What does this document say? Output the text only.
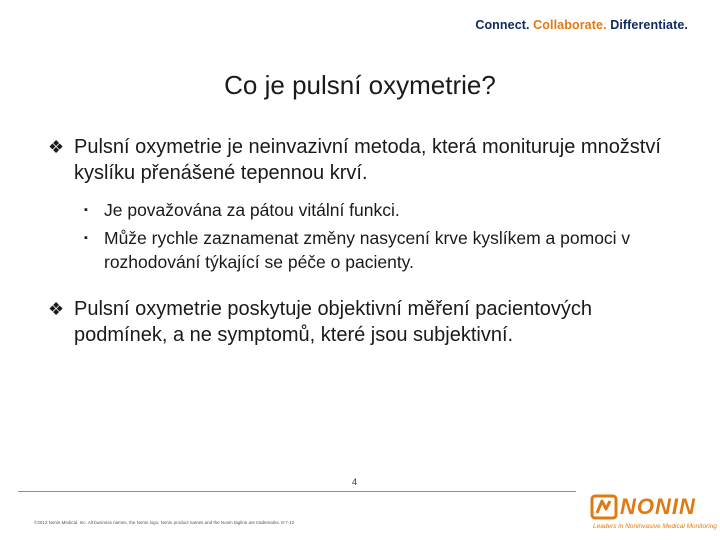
Connect. Collaborate. Differentiate.
Co je pulsní oxymetrie?
❖ Pulsní oxymetrie je neinvazivní metoda, která monituruje množství kyslíku přenášené tepennou krví.
▪ Je považována za pátou vitální funkci.
▪ Může rychle zaznamenat změny nasycení krve kyslíkem a pomoci v rozhodování týkající se péče o pacienty.
❖ Pulsní oxymetrie poskytuje objektivní měření pacientových podmínek, a ne symptomů, které jsou subjektivní.
4
©2012 Nonin Medical, Inc. All business names, the Nonin logo, Nonin product names and the Nonin tagline are trademarks. 8-7-12
NONIN
Leaders in Noninvasive Medical Monitoring
